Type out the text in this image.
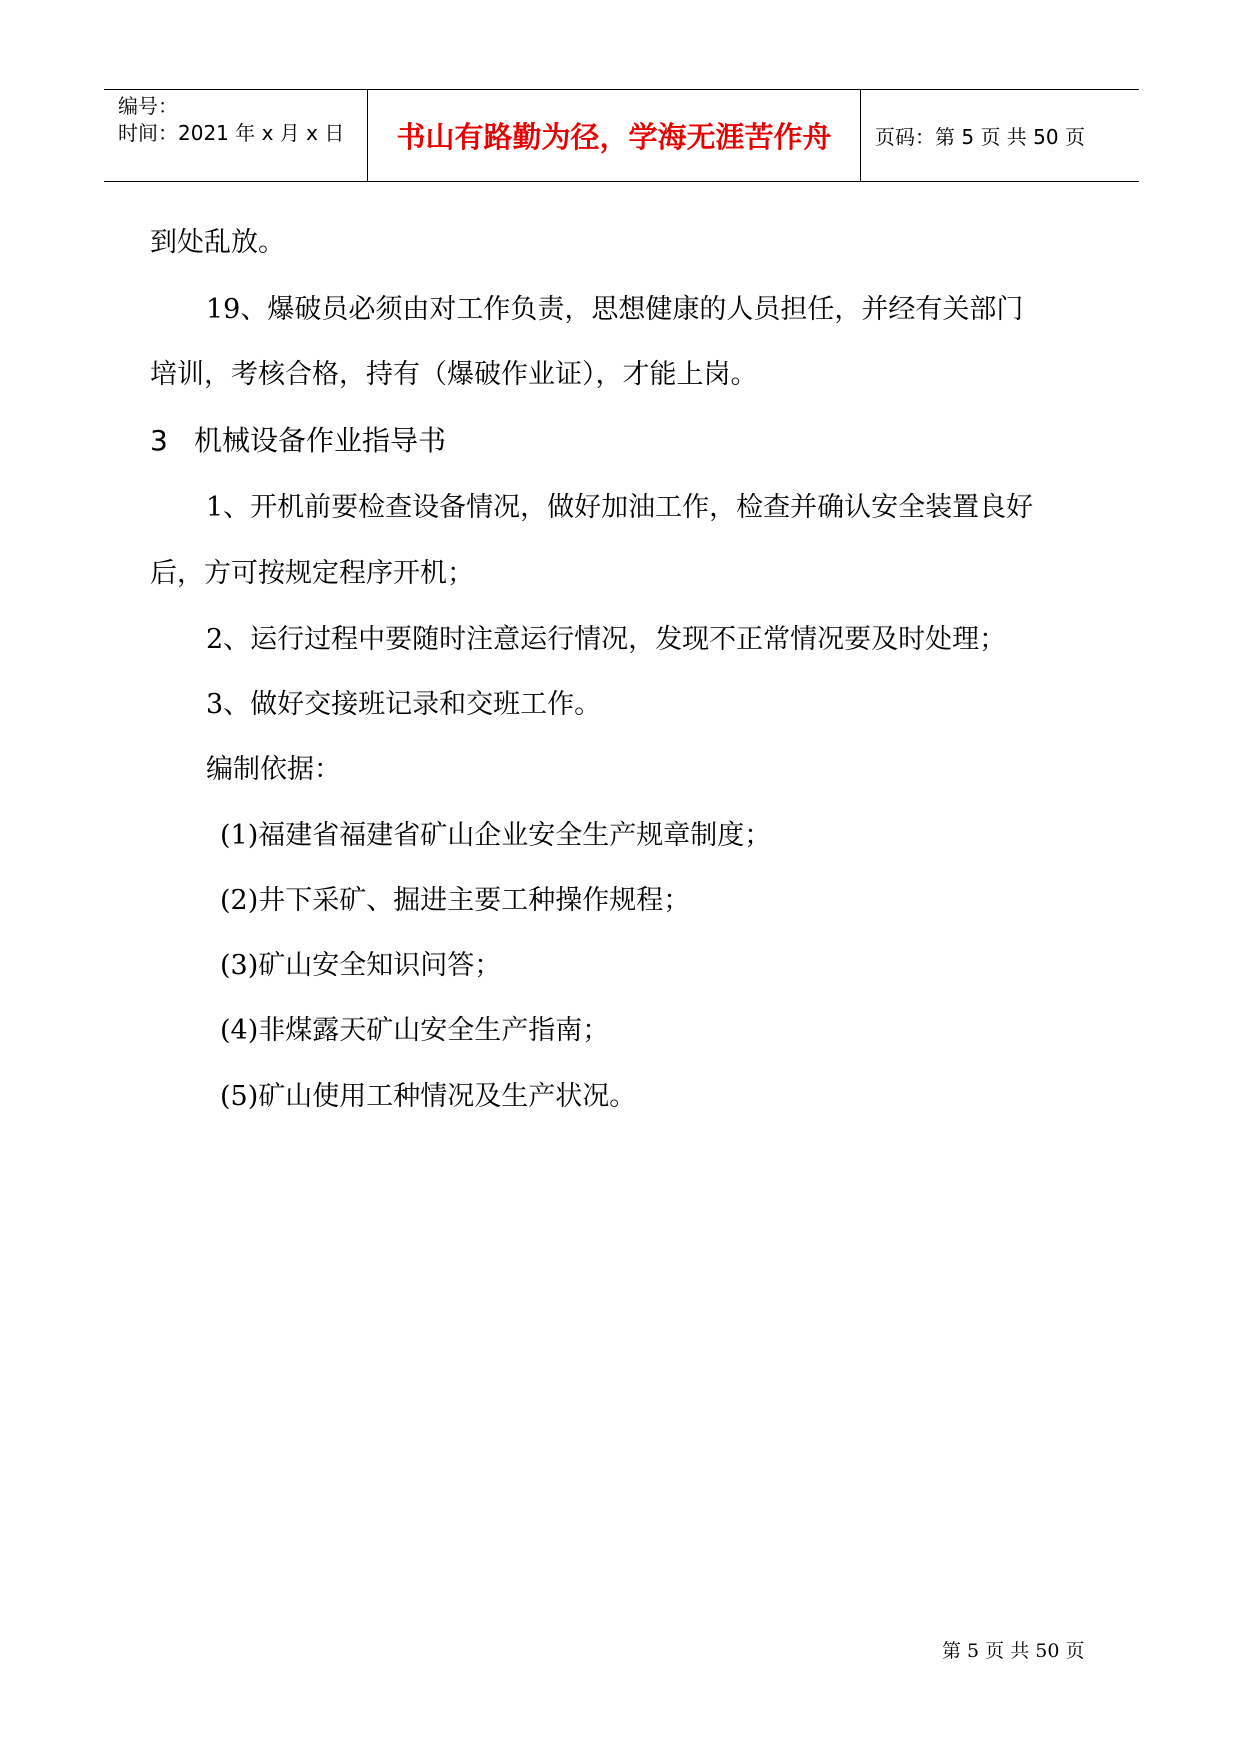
编号：
时间：2021 年 x 月 x 日	书山有路勤为径，学海无涯苦作舟	页码：第 5 页 共 50 页
到处乱放。
19、爆破员必须由对工作负责，思想健康的人员担任，并经有关部门
培训，考核合格，持有（爆破作业证），才能上岗。
3 机械设备作业指导书
1、开机前要检查设备情况，做好加油工作，检查并确认安全装置良好
后，方可按规定程序开机；
2、运行过程中要随时注意运行情况，发现不正常情况要及时处理；
3、做好交接班记录和交班工作。
编制依据：
(1)福建省福建省矿山企业安全生产规章制度；
(2)井下采矿、掘进主要工种操作规程；
(3)矿山安全知识问答；
(4)非煤露天矿山安全生产指南；
(5)矿山使用工种情况及生产状况。
第 5 页 共 50 页
